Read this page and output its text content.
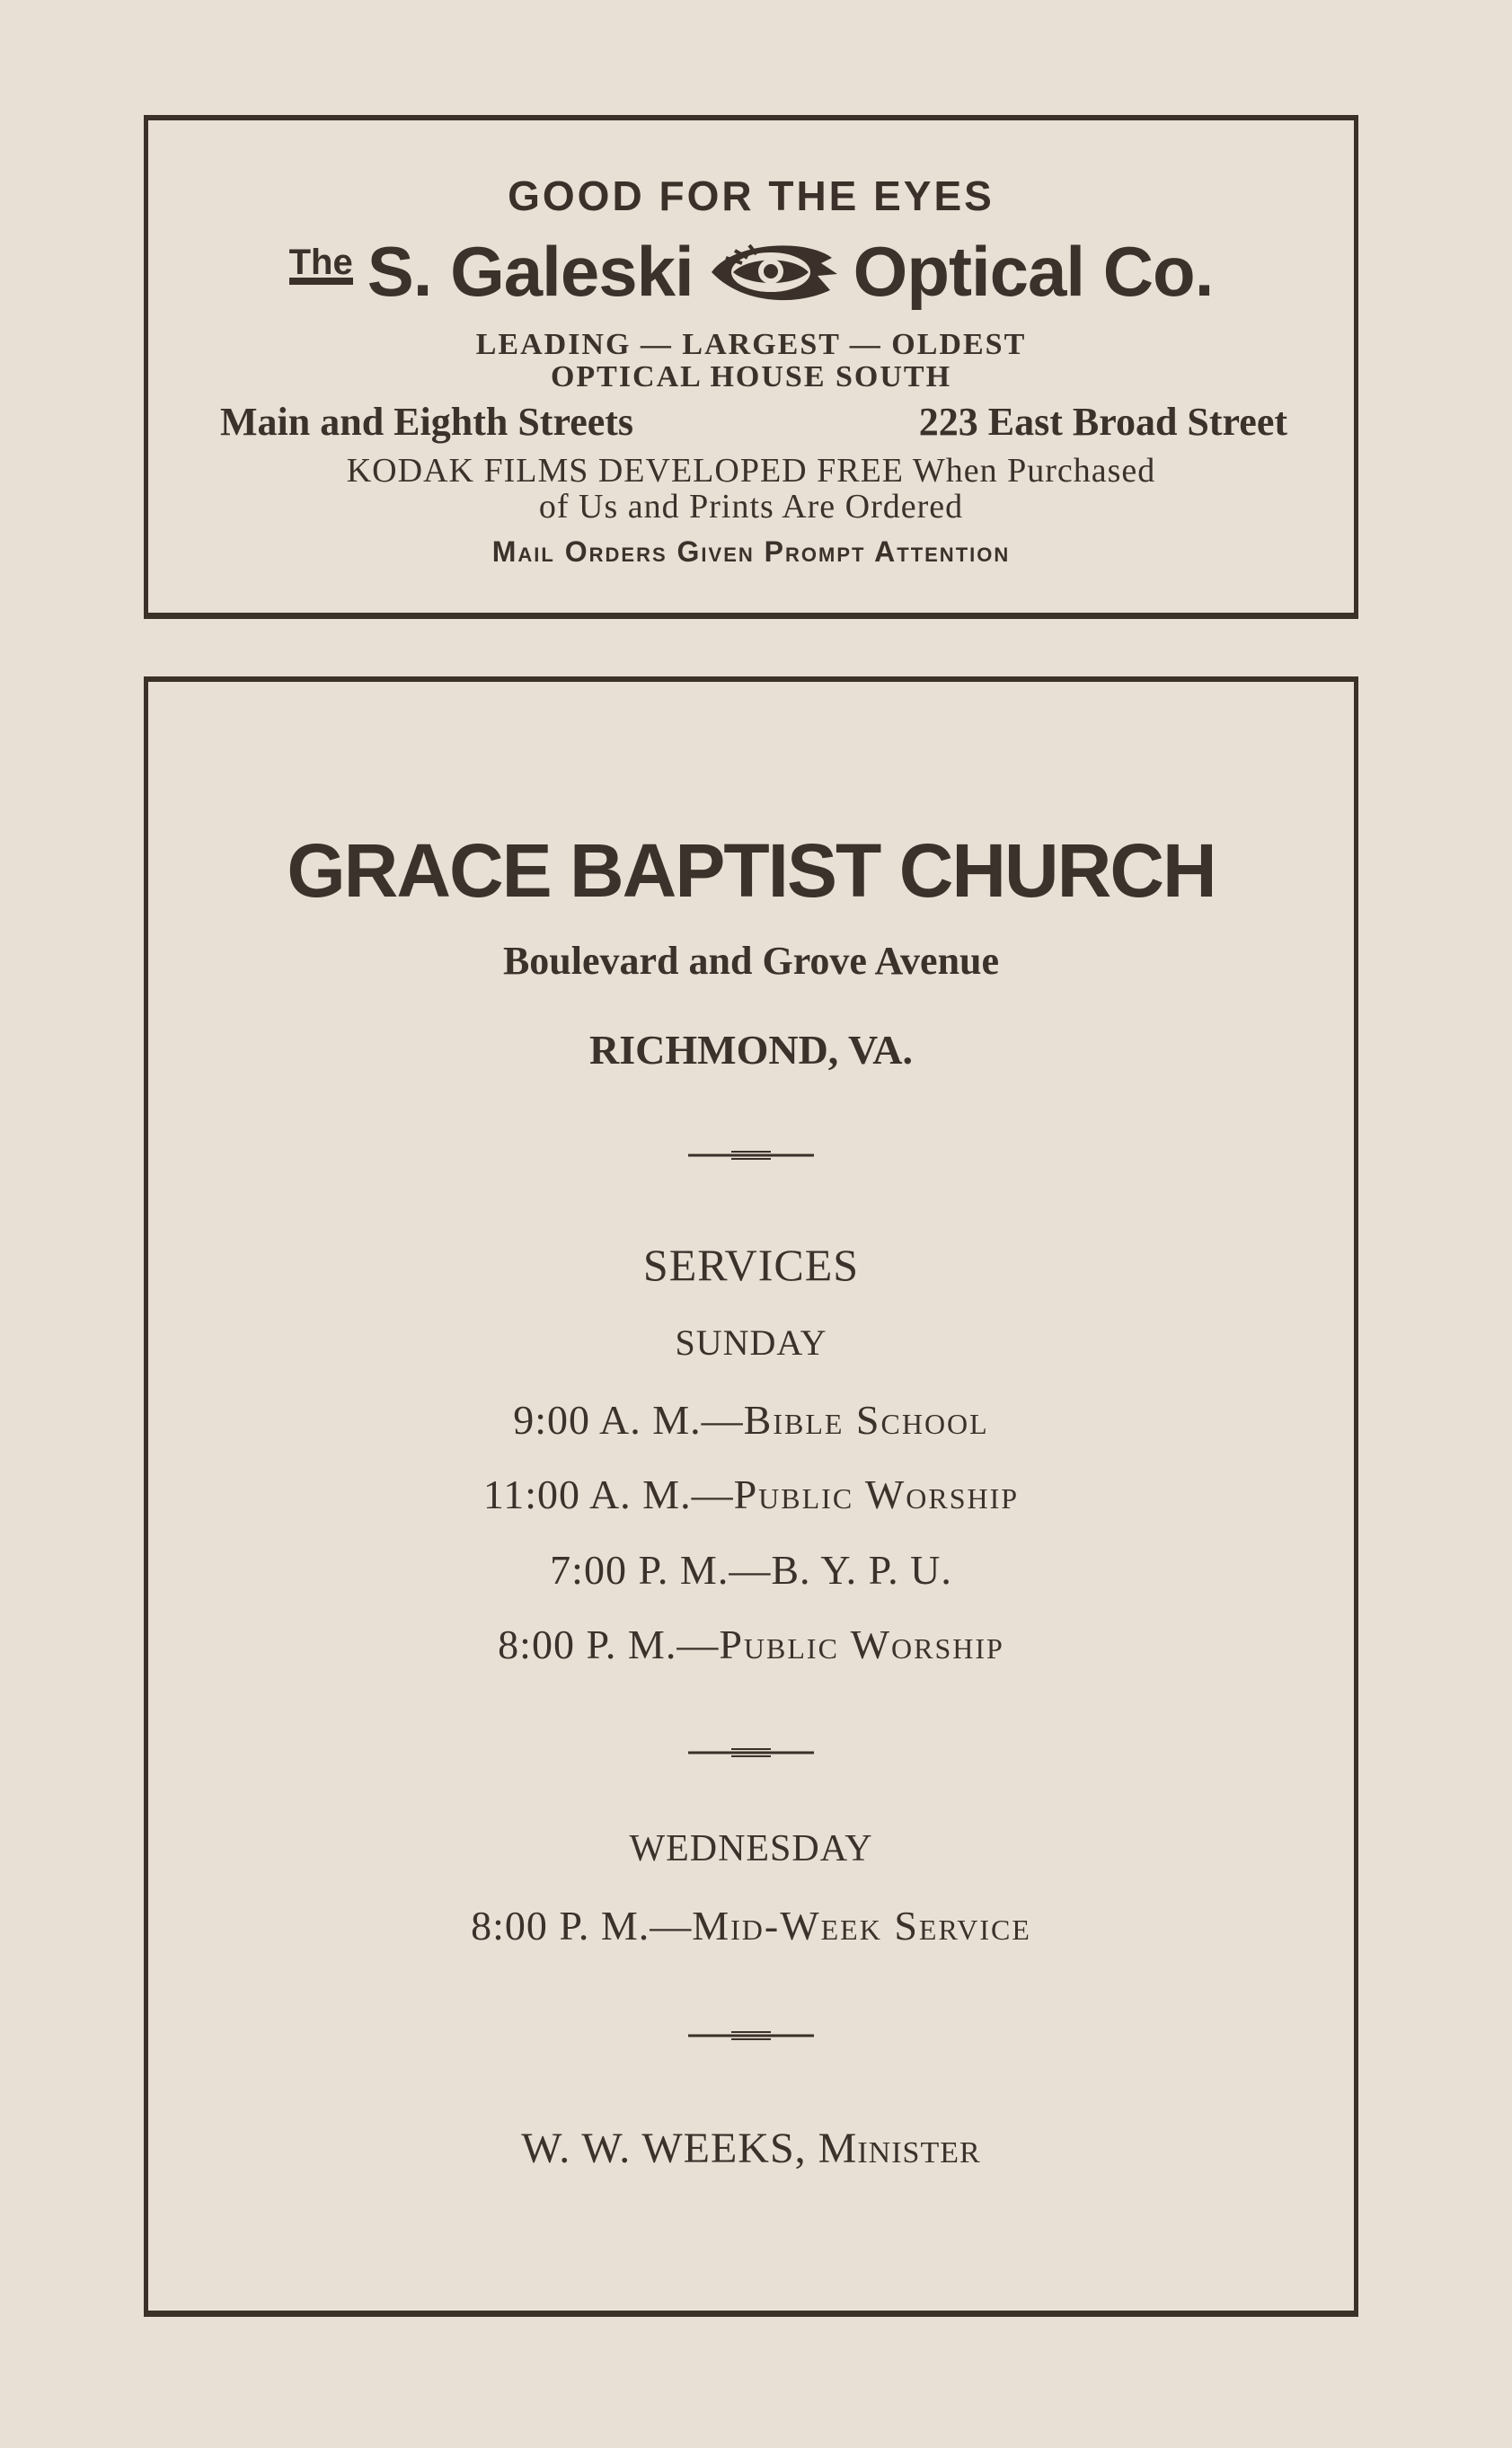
GOOD FOR THE EYES
The S. Galeski Optical Co.
LEADING — LARGEST — OLDEST
OPTICAL HOUSE SOUTH
Main and Eighth Streets	223 East Broad Street
KODAK FILMS DEVELOPED FREE When Purchased
of Us and Prints Are Ordered
Mail Orders Given Prompt Attention
GRACE BAPTIST CHURCH
Boulevard and Grove Avenue
RICHMOND, VA.
SERVICES
SUNDAY
9:00 A. M.—Bible School
11:00 A. M.—Public Worship
7:00 P. M.—B. Y. P. U.
8:00 P. M.—Public Worship
WEDNESDAY
8:00 P. M.—Mid-Week Service
W. W. WEEKS, Minister
